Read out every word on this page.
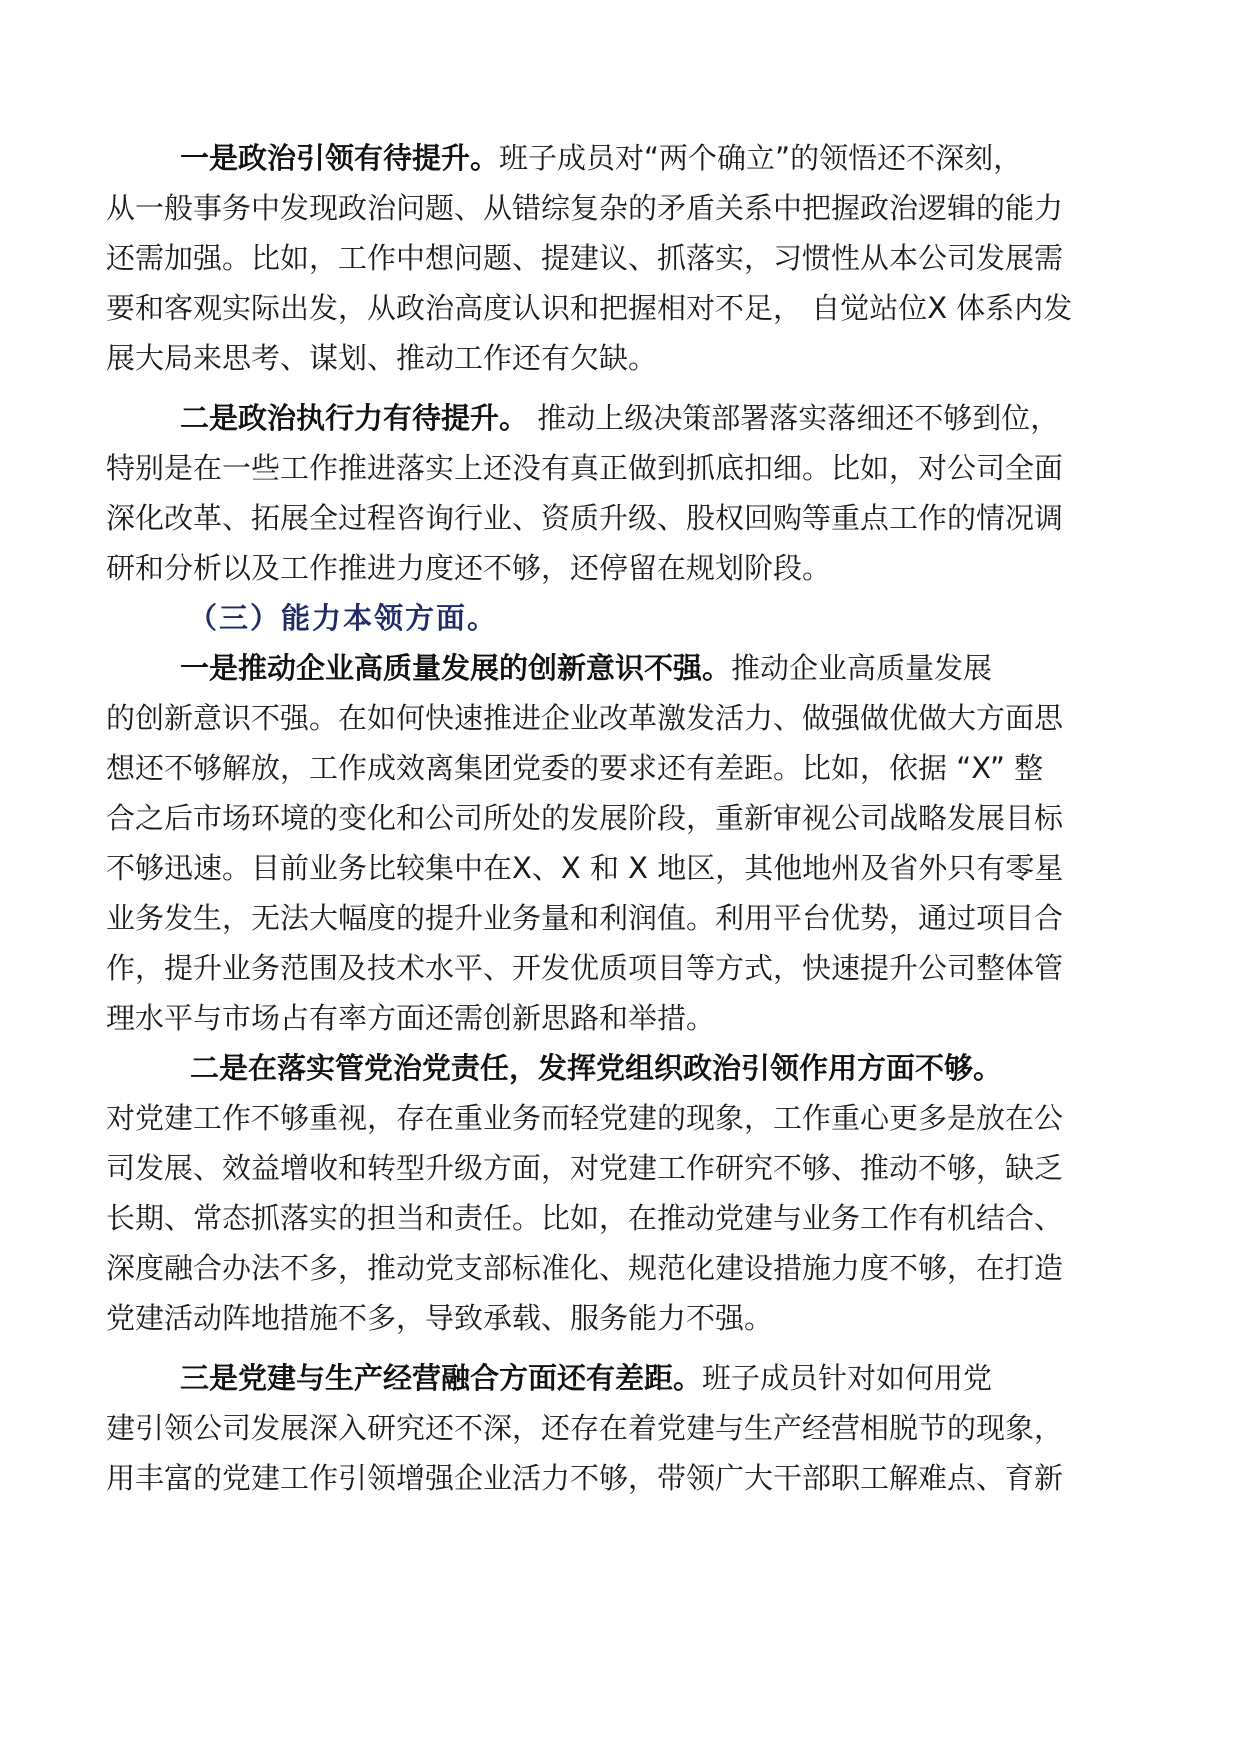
一是政治引领有待提升。班子成员对“两个确立”的领悟还不深刻，
从一般事务中发现政治问题、从错综复杂的矛盾关系中把握政治逻辑的能力
还需加强。比如，工作中想问题、提建议、抓落实，习惯性从本公司发展需
要和客观实际出发，从政治高度认识和把握相对不足， 自觉站位X 体系内发
展大局来思考、谋划、推动工作还有欠缺。
二是政治执行力有待提升。 推动上级决策部署落实落细还不够到位，
特别是在一些工作推进落实上还没有真正做到抓底扣细。比如，对公司全面
深化改革、拓展全过程咨询行业、资质升级、股权回购等重点工作的情况调
研和分析以及工作推进力度还不够，还停留在规划阶段。
（三）能力本领方面。
一是推动企业高质量发展的创新意识不强。推动企业高质量发展
的创新意识不强。在如何快速推进企业改革激发活力、做强做优做大方面思
想还不够解放，工作成效离集团党委的要求还有差距。比如，依据 “X” 整
合之后市场环境的变化和公司所处的发展阶段，重新审视公司战略发展目标
不够迅速。目前业务比较集中在X、X 和 X 地区，其他地州及省外只有零星
业务发生，无法大幅度的提升业务量和利润值。利用平台优势，通过项目合
作，提升业务范围及技术水平、开发优质项目等方式，快速提升公司整体管
理水平与市场占有率方面还需创新思路和举措。
二是在落实管党治党责任，发挥党组织政治引领作用方面不够。
对党建工作不够重视，存在重业务而轻党建的现象，工作重心更多是放在公
司发展、效益增收和转型升级方面，对党建工作研究不够、推动不够，缺乏
长期、常态抓落实的担当和责任。比如，在推动党建与业务工作有机结合、
深度融合办法不多，推动党支部标准化、规范化建设措施力度不够，在打造
党建活动阵地措施不多，导致承载、服务能力不强。
三是党建与生产经营融合方面还有差距。班子成员针对如何用党
建引领公司发展深入研究还不深，还存在着党建与生产经营相脱节的现象，
用丰富的党建工作引领增强企业活力不够，带领广大干部职工解难点、育新
